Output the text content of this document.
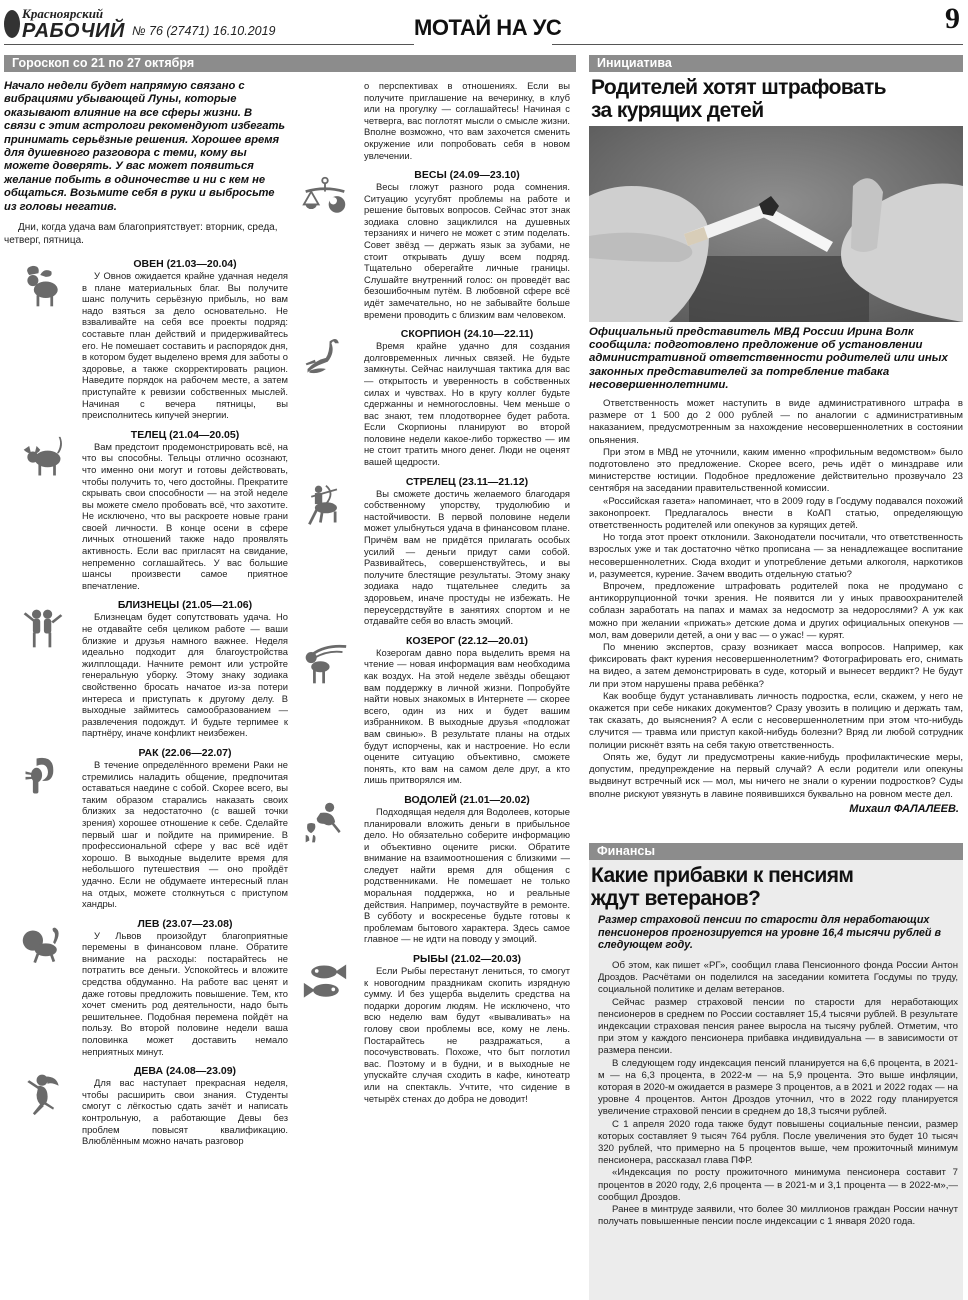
Красноярский
РАБОЧИЙ № 76 (27471) 16.10.2019	МОТАЙ НА УС	9
Гороскоп со 21 по 27 октября
Начало недели будет напрямую связано с вибрациями убывающей Луны, которые оказывают влияние на все сферы жизни. В связи с этим астрологи рекомендуют избегать принимать серьёзные решения. Хорошее время для душевного разговора с теми, кому вы можете доверять. У вас может появиться желание побыть в одиночестве и ни с кем не общаться. Возьмите себя в руки и выбросьте из головы негатив.
Дни, когда удача вам благоприятствует: вторник, среда, четверг, пятница.
о перспективах в отношениях. Если вы получите приглашение на вечеринку, в клуб или на прогулку — соглашайтесь! Начиная с четверга, вас поглотят мысли о смысле жизни. Вполне возможно, что вам захочется сменить окружение или попробовать себя в новом увлечении.
ОВЕН (21.03—20.04)
У Овнов ожидается крайне удачная неделя в плане материальных благ. Вы получите шанс получить серьёзную прибыль, но вам надо взяться за дело основательно. Не взваливайте на себя все проекты подряд: составьте план действий и придерживайтесь его. Не помешает составить и распорядок дня, в котором будет выделено время для заботы о здоровье, а также скорректировать рацион. Наведите порядок на рабочем месте, а затем приступайте к ревизии собственных мыслей. Начиная с вечера пятницы, вы преисполнитесь кипучей энергии.
ТЕЛЕЦ (21.04—20.05)
Вам предстоит продемонстрировать всё, на что вы способны. Тельцы отлично осознают, что именно они могут и готовы действовать, чтобы получить то, чего достойны. Прекратите скрывать свои способности — на этой неделе вы можете смело пробовать всё, что захотите. Не исключено, что вы раскроете новые грани своей личности. В конце осени в сфере личных отношений также надо проявлять активность. Если вас пригласят на свидание, непременно соглашайтесь. У вас большие шансы произвести самое приятное впечатление.
БЛИЗНЕЦЫ (21.05—21.06)
Близнецам будет сопутствовать удача. Но не отдавайте себя целиком работе — ваши близкие и друзья намного важнее. Неделя идеально подходит для благоустройства жилплощади. Начните ремонт или устройте генеральную уборку. Этому знаку зодиака свойственно бросать начатое из-за потери интереса и приступать к другому делу. В выходные займитесь самообразованием — развлечения подождут. И будьте терпимее к партнёру, иначе конфликт неизбежен.
РАК (22.06—22.07)
В течение определённого времени Раки не стремились наладить общение, предпочитая оставаться наедине с собой. Скорее всего, вы таким образом старались наказать своих близких за недостаточно (с вашей точки зрения) хорошее отношение к себе. Сделайте первый шаг и пойдите на примирение. В профессиональной сфере у вас всё идёт хорошо. В выходные выделите время для небольшого путешествия — оно пройдёт удачно. Если не обдумаете интересный план на отдых, можете столкнуться с приступом хандры.
ЛЕВ (23.07—23.08)
У Львов произойдут благоприятные перемены в финансовом плане. Обратите внимание на расходы: постарайтесь не потратить все деньги. Успокойтесь и вложите средства обдуманно. На работе вас ценят и даже готовы предложить повышение. Тем, кто хочет сменить род деятельности, надо быть решительнее. Подобная перемена пойдёт на пользу. Во второй половине недели ваша половинка может доставить немало неприятных минут.
ДЕВА (24.08—23.09)
Для вас наступает прекрасная неделя, чтобы расширить свои знания. Студенты смогут с лёгкостью сдать зачёт и написать контрольную, а работающие Девы без проблем повысят квалификацию. Влюблённым можно начать разговор
ВЕСЫ (24.09—23.10)
Весы гложут разного рода сомнения. Ситуацию усугубят проблемы на работе и решение бытовых вопросов. Сейчас этот знак зодиака словно зациклился на душевных терзаниях и ничего не может с этим поделать. Совет звёзд — держать язык за зубами, не стоит открывать душу всем подряд. Тщательно оберегайте личные границы. Слушайте внутренний голос: он проведёт вас безошибочным путём. В любовной сфере всё идёт замечательно, но не забывайте больше времени проводить с близким вам человеком.
СКОРПИОН (24.10—22.11)
Время крайне удачно для создания долговременных личных связей. Не будьте замкнуты. Сейчас наилучшая тактика для вас — открытость и уверенность в собственных силах и чувствах. Но в кругу коллег будьте сдержанны и немногословны. Чем меньше о вас знают, тем плодотворнее будет работа. Если Скорпионы планируют во второй половине недели какое-либо торжество — им не стоит тратить много денег. Люди не оценят вашей щедрости.
СТРЕЛЕЦ (23.11—21.12)
Вы сможете достичь желаемого благодаря собственному упорству, трудолюбию и настойчивости. В первой половине недели может улыбнуться удача в финансовом плане. Причём вам не придётся прилагать особых усилий — деньги придут сами собой. Развивайтесь, совершенствуйтесь, и вы получите блестящие результаты. Этому знаку зодиака надо тщательнее следить за здоровьем, иначе простуды не избежать. Не переусердствуйте в занятиях спортом и не отдавайте себя во власть эмоций.
КОЗЕРОГ (22.12—20.01)
Козерогам давно пора выделить время на чтение — новая информация вам необходима как воздух. На этой неделе звёзды обещают вам поддержку в личной жизни. Попробуйте найти новых знакомых в Интернете — скорее всего, один из них и будет вашим избранником. В выходные друзья «подложат вам свинью». В результате планы на отдых будут испорчены, как и настроение. Но если оцените ситуацию объективно, сможете понять, кто вам на самом деле друг, а кто лишь притворялся им.
ВОДОЛЕЙ (21.01—20.02)
Подходящая неделя для Водолеев, которые планировали вложить деньги в прибыльное дело. Но обязательно соберите информацию и объективно оцените риски. Обратите внимание на взаимоотношения с близкими — следует найти время для общения с родственниками. Не помешает не только моральная поддержка, но и реальные действия. Например, поучаствуйте в ремонте. В субботу и воскресенье будьте готовы к проблемам бытового характера. Здесь самое главное — не идти на поводу у эмоций.
РЫБЫ (21.02—20.03)
Если Рыбы перестанут лениться, то смогут к новогодним праздникам скопить изрядную сумму. И без ущерба выделить средства на подарки дорогим людям. Не исключено, что всю неделю вам будут «вываливать» на голову свои проблемы все, кому не лень. Постарайтесь не раздражаться, а посочувствовать. Похоже, что быт поглотил вас. Поэтому и в будни, и в выходные не упускайте случая сходить в кафе, кинотеатр или на спектакль. Учтите, что сидение в четырёх стенах до добра не доводит!
Инициатива
Родителей хотят штрафовать
за курящих детей
Официальный представитель МВД России Ирина Волк сообщила: подготовлено предложение об установлении административной ответственности родителей или иных законных представителей за потребление табака несовершеннолетними.

Ответственность может наступить в виде административного штрафа в размере от 1 500 до 2 000 рублей — по аналогии с административным наказанием, предусмотренным за нахождение несовершеннолетних в состоянии опьянения.

При этом в МВД не уточнили, каким именно «профильным ведомством» было подготовлено это предложение. Скорее всего, речь идёт о минздраве или министерстве юстиции. Подобное предложение действительно прозвучало 23 сентября на заседании правительственной комиссии.

«Российская газета» напоминает, что в 2009 году в Госдуму подавался похожий законопроект. Предлагалось внести в КоАП статью, определяющую ответственность родителей или опекунов за курящих детей.

Но тогда этот проект отклонили. Законодатели посчитали, что ответственность взрослых уже и так достаточно чётко прописана — за ненадлежащее воспитание несовершеннолетних. Сюда входит и употребление детьми алкоголя, наркотиков и, разумеется, курение. Зачем вводить отдельную статью?

Впрочем, предложение штрафовать родителей пока не продумано с антикоррупционной точки зрения. Не появится ли у иных правоохранителей соблазн заработать на папах и мамах за недосмотр за недорослями? А уж как можно при желании «прижать» детские дома и других официальных опекунов — мол, вам доверили детей, а они у вас — о ужас! — курят.

По мнению экспертов, сразу возникает масса вопросов. Например, как фиксировать факт курения несовершеннолетним? Фотографировать его, снимать на видео, а затем демонстрировать в суде, который и вынесет вердикт? Не будут ли при этом нарушены права ребёнка?

Как вообще будут устанавливать личность подростка, если, скажем, у него не окажется при себе никаких документов? Сразу увозить в полицию и держать там, так сказать, до выяснения? А если с несовершеннолетним при этом что-нибудь случится — травма или приступ какой-нибудь болезни? Вряд ли любой сотрудник полиции рискнёт взять на себя такую ответственность.

Опять же, будут ли предусмотрены какие-нибудь профилактические меры, допустим, предупреждение на первый случай? А если родители или опекуны выдвинут встречный иск — мол, мы ничего не знали о курении подростков? Суды вполне рискуют увязнуть в лавине появившихся буквально на ровном месте дел.

Михаил ФАЛАЛЕЕВ.
Финансы
Какие прибавки к пенсиям
ждут ветеранов?
Размер страховой пенсии по старости для неработающих пенсионеров прогнозируется на уровне 16,4 тысячи рублей в следующем году.

Об этом, как пишет «РГ», сообщил глава Пенсионного фонда России Антон Дроздов. Расчётами он поделился на заседании комитета Госдумы по труду, социальной политике и делам ветеранов.

Сейчас размер страховой пенсии по старости для неработающих пенсионеров в среднем по России составляет 15,4 тысячи рублей. В результате индексации страховая пенсия ранее выросла на тысячу рублей. Отметим, что при этом у каждого пенсионера прибавка индивидуальна — в зависимости от размера пенсии.

В следующем году индексация пенсий планируется на 6,6 процента, в 2021-м — на 6,3 процента, в 2022-м — на 5,9 процента. Это выше инфляции, которая в 2020-м ожидается в размере 3 процентов, а в 2021 и 2022 годах — на уровне 4 процентов. Антон Дроздов уточнил, что в 2022 году планируется увеличение страховой пенсии в среднем до 18,3 тысячи рублей.

С 1 апреля 2020 года также будут повышены социальные пенсии, размер которых составляет 9 тысяч 764 рубля. После увеличения это будет 10 тысяч 320 рублей, что примерно на 5 процентов выше, чем прожиточный минимум пенсионера, рассказал глава ПФР.

«Индексация по росту прожиточного минимума пенсионера составит 7 процентов в 2020 году, 2,6 процента — в 2021-м и 3,1 процента — в 2022-м»,— сообщил Дроздов.

Ранее в минтруде заявили, что более 30 миллионов граждан России начнут получать повышенные пенсии после индексации с 1 января 2020 года.
